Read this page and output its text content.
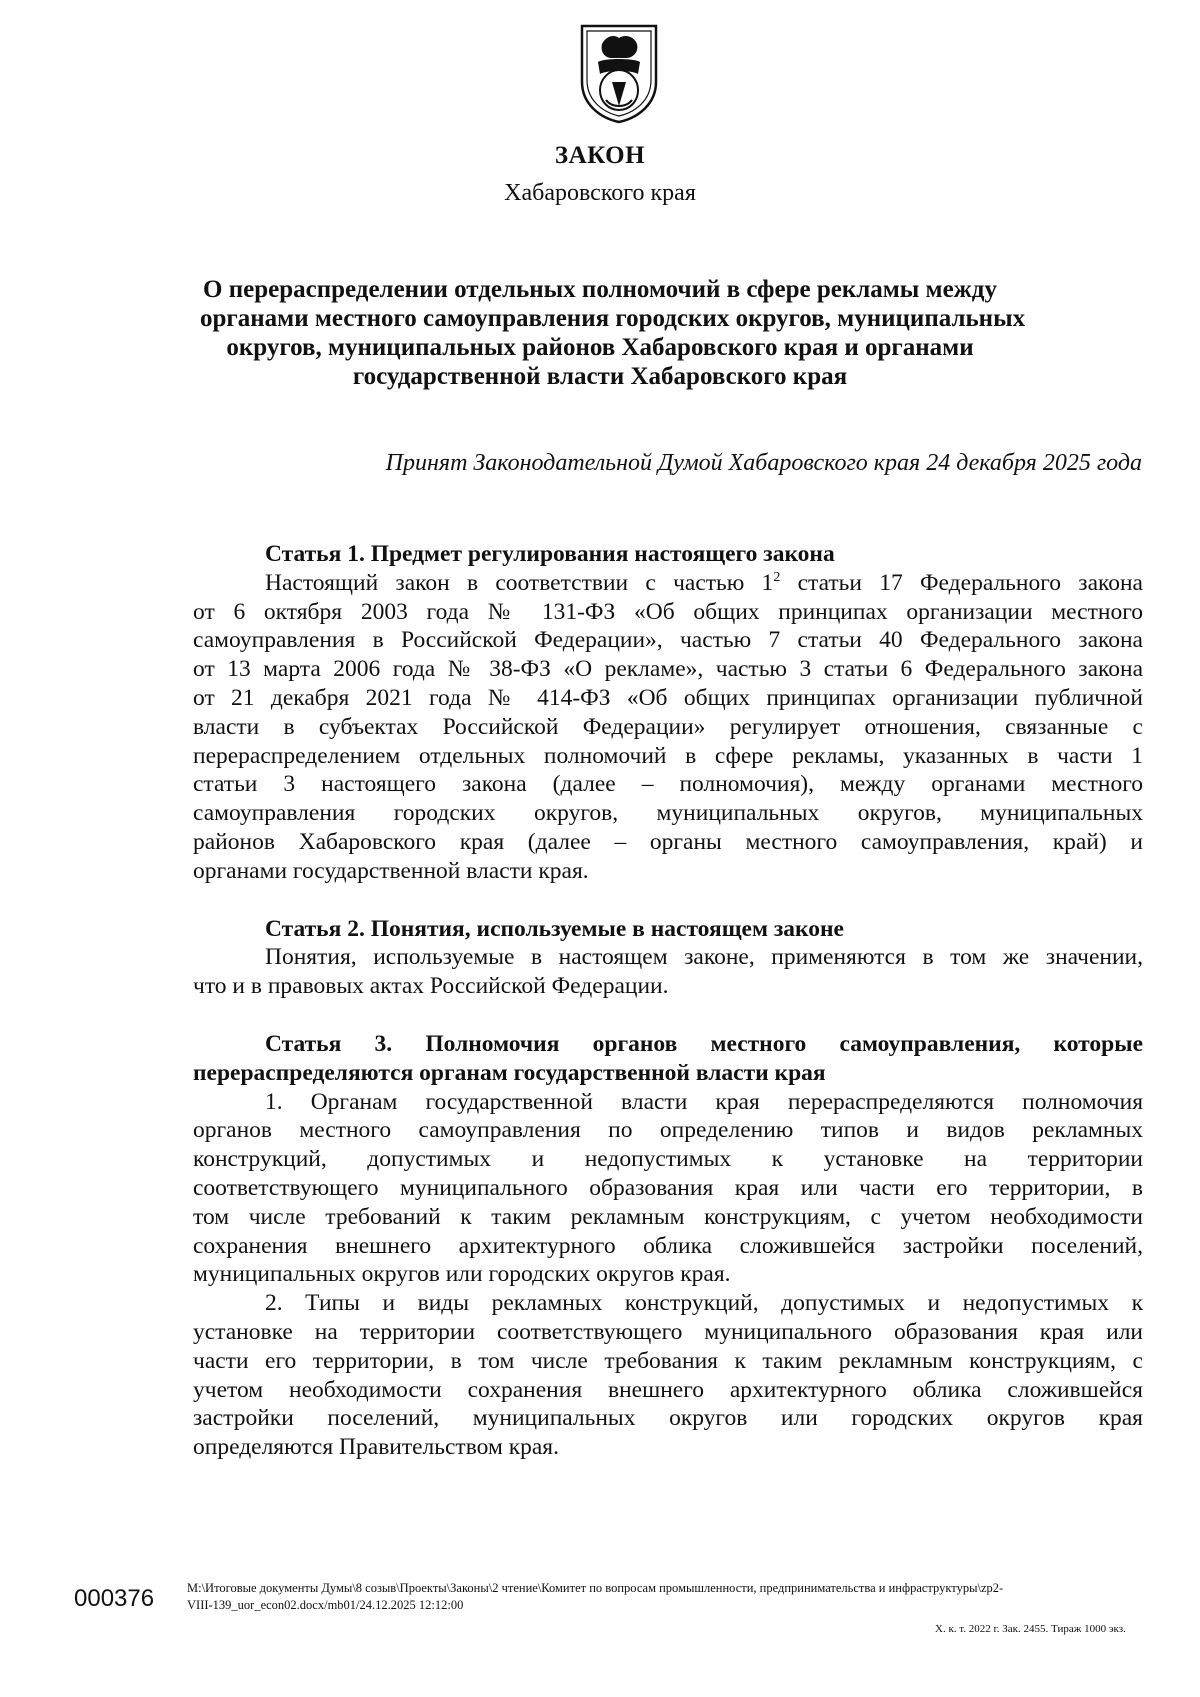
ЗАКОН
Хабаровского края
О перераспределении отдельных полномочий в сфере рекламы между
органами местного самоуправления городских округов, муниципальных
округов, муниципальных районов Хабаровского края и органами
государственной власти Хабаровского края
Принят Законодательной Думой Хабаровского края 24 декабря 2025 года
Статья 1. Предмет регулирования настоящего закона
Настоящий закон в соответствии с частью $1^2$ статьи 17 Федерального закона
от 6 октября 2003 года № 131-ФЗ «Об общих принципах организации местного
самоуправления в Российской Федерации», частью 7 статьи 40 Федерального закона
от 13 марта 2006 года № 38-ФЗ «О рекламе», частью 3 статьи 6 Федерального закона
от 21 декабря 2021 года № 414-ФЗ «Об общих принципах организации публичной
власти в субъектах Российской Федерации» регулирует отношения, связанные с
перераспределением отдельных полномочий в сфере рекламы, указанных в части 1
статьи 3 настоящего закона (далее – полномочия), между органами местного
самоуправления городских округов, муниципальных округов, муниципальных
районов Хабаровского края (далее – органы местного самоуправления, край) и
органами государственной власти края.
Статья 2. Понятия, используемые в настоящем законе
Понятия, используемые в настоящем законе, применяются в том же значении,
что и в правовых актах Российской Федерации.
Статья 3. Полномочия органов местного самоуправления, которые
перераспределяются органам государственной власти края
1. Органам государственной власти края перераспределяются полномочия
органов местного самоуправления по определению типов и видов рекламных
конструкций, допустимых и недопустимых к установке на территории
соответствующего муниципального образования края или части его территории, в
том числе требований к таким рекламным конструкциям, с учетом необходимости
сохранения внешнего архитектурного облика сложившейся застройки поселений,
муниципальных округов или городских округов края.
2. Типы и виды рекламных конструкций, допустимых и недопустимых к
установке на территории соответствующего муниципального образования края или
части его территории, в том числе требования к таким рекламным конструкциям, с
учетом необходимости сохранения внешнего архитектурного облика сложившейся
застройки поселений, муниципальных округов или городских округов края
определяются Правительством края.
000376	М:\Итоговые документы Думы\8 созыв\Проекты\Законы\2 чтение\Комитет по вопросам промышленности, предпринимательства и инфраструктуры\zp2-
VIII-139_uor_econ02.docx/mb01/24.12.2025 12:12:00
Х. к. т. 2022 г. Зак. 2455. Тираж 1000 экз.
